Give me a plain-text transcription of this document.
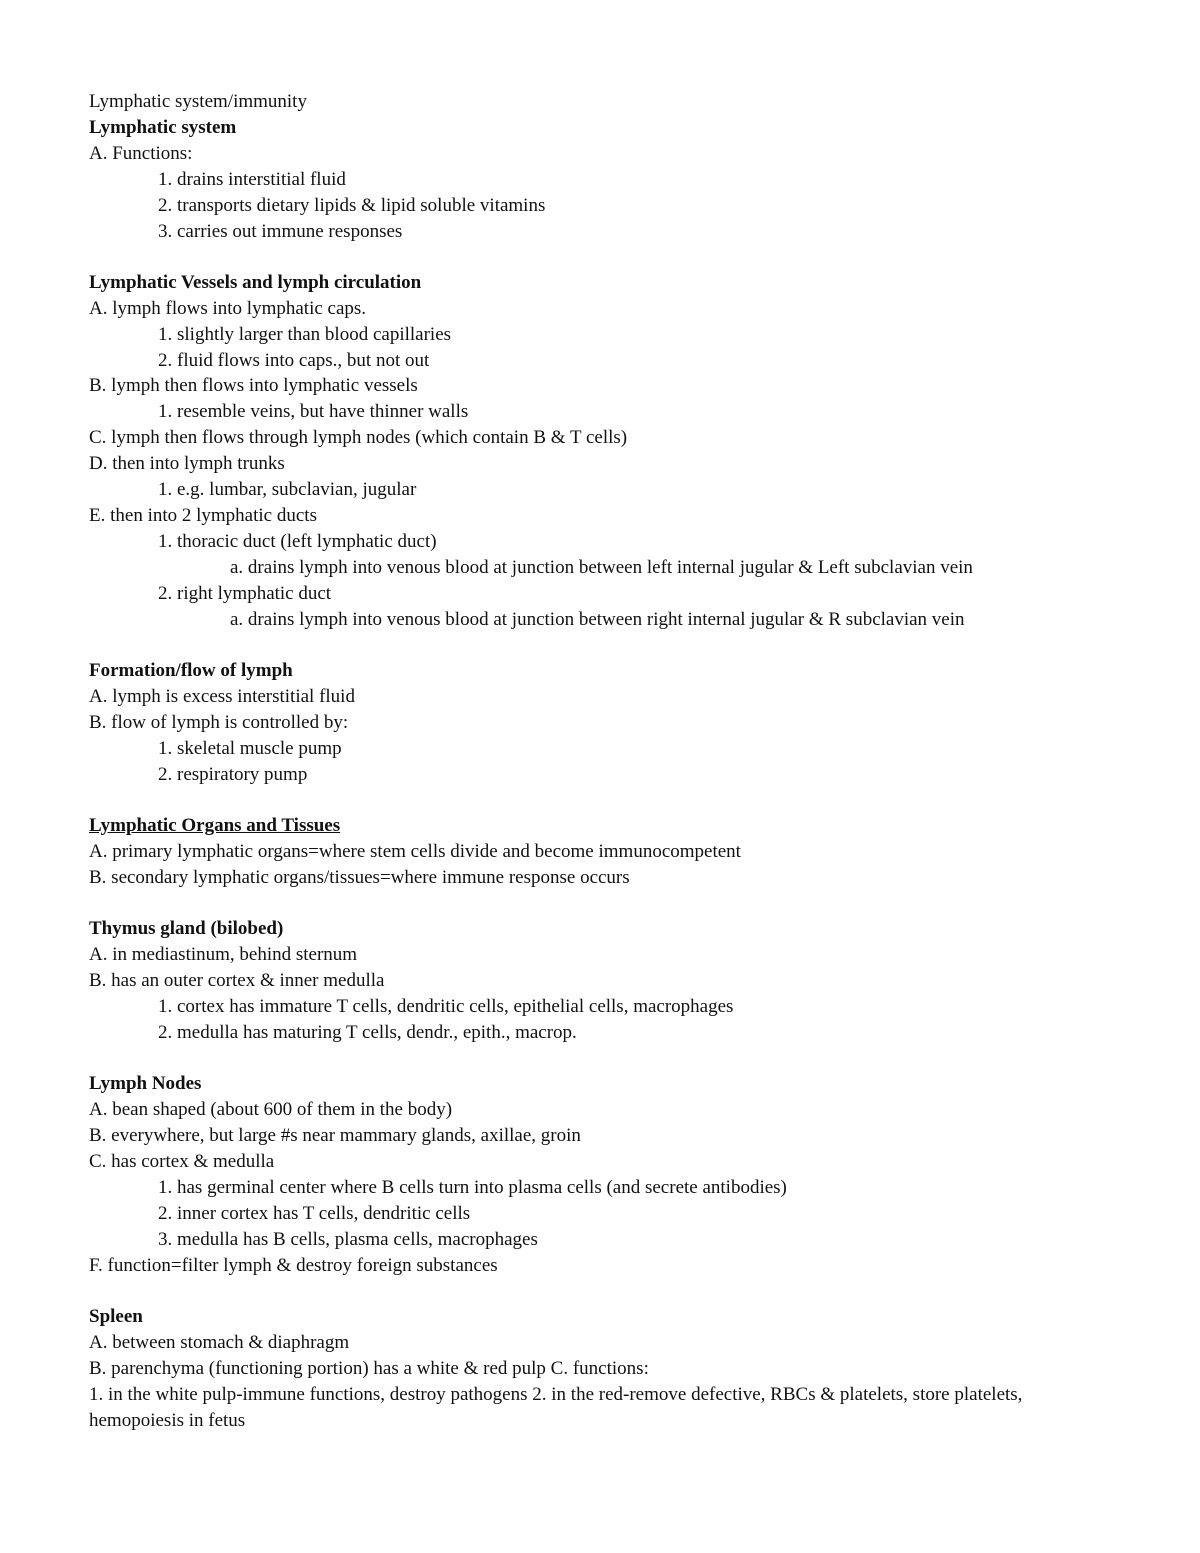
Lymphatic system/immunity
Lymphatic system
A. Functions:
1. drains interstitial fluid
2. transports dietary lipids & lipid soluble vitamins
3. carries out immune responses
Lymphatic Vessels and lymph circulation
A. lymph flows into lymphatic caps.
1. slightly larger than blood capillaries
2. fluid flows into caps., but not out
B. lymph then flows into lymphatic vessels
1. resemble veins, but have thinner walls
C. lymph then flows through lymph nodes (which contain B & T cells)
D. then into lymph trunks
1. e.g. lumbar, subclavian, jugular
E. then into 2 lymphatic ducts
1. thoracic duct (left lymphatic duct)
a. drains lymph into venous blood at junction between left internal jugular & Left subclavian vein
2. right lymphatic duct
a. drains lymph into venous blood at junction between right internal jugular & R subclavian vein
Formation/flow of lymph
A. lymph is excess interstitial fluid
B. flow of lymph is controlled by:
1. skeletal muscle pump
2. respiratory pump
Lymphatic Organs and Tissues
A. primary lymphatic organs=where stem cells divide and become immunocompetent
B. secondary lymphatic organs/tissues=where immune response occurs
Thymus gland (bilobed)
A. in mediastinum, behind sternum
B. has an outer cortex & inner medulla
1. cortex has immature T cells, dendritic cells, epithelial cells, macrophages
2. medulla has maturing T cells, dendr., epith., macrop.
Lymph Nodes
A. bean shaped (about 600 of them in the body)
B. everywhere, but large #s near mammary glands, axillae, groin
C. has cortex & medulla
1. has germinal center where B cells turn into plasma cells (and secrete antibodies)
2. inner cortex has T cells, dendritic cells
3. medulla has B cells, plasma cells, macrophages
F. function=filter lymph & destroy foreign substances
Spleen
A. between stomach & diaphragm
B. parenchyma (functioning portion) has a white & red pulp C. functions:
1. in the white pulp-immune functions, destroy pathogens 2. in the red-remove defective, RBCs & platelets, store platelets, hemopoiesis in fetus
